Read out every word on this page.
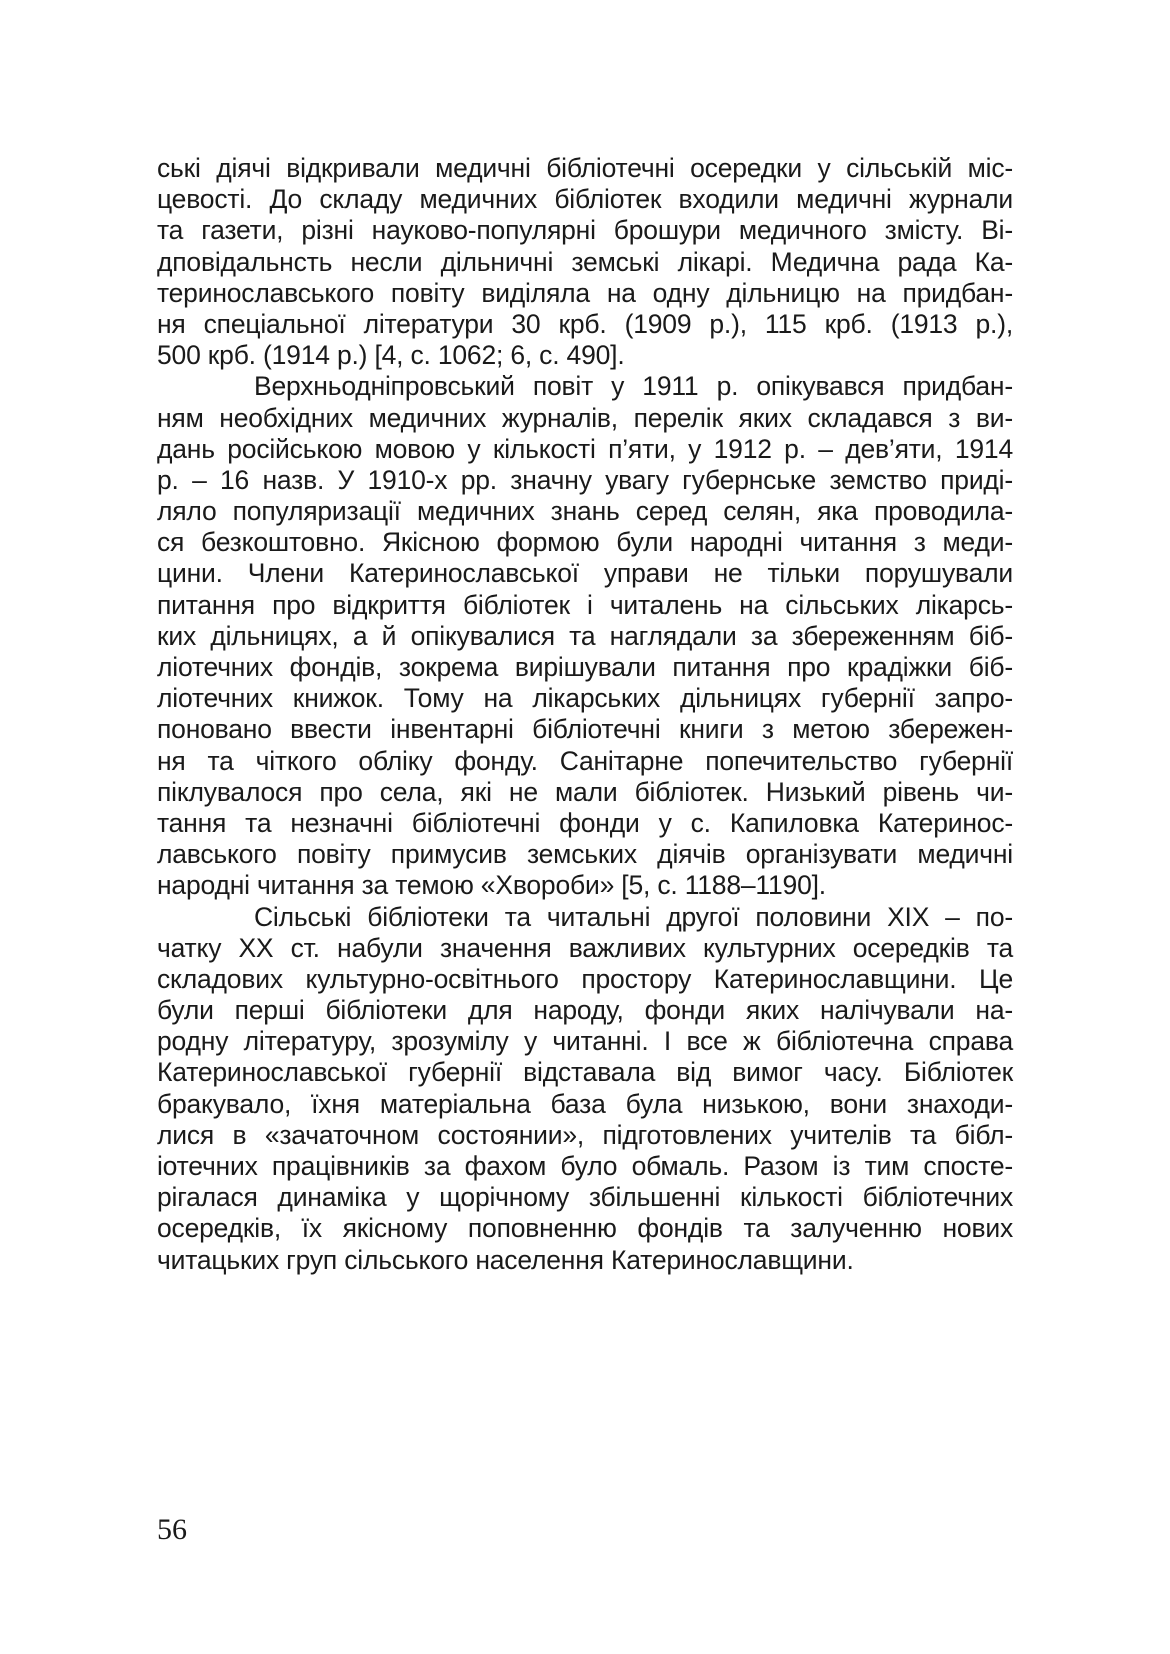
ські діячі відкривали медичні бібліотечні осередки у сільській міс-
цевості. До складу медичних бібліотек входили медичні журнали
та газети, різні науково-популярні брошури медичного змісту. Ві-
дповідальнсть несли дільничні земські лікарі. Медична рада Ка-
теринославського повіту виділяла на одну дільницю на придбан-
ня спеціальної літератури 30 крб. (1909 р.), 115 крб. (1913 р.),
500 крб. (1914 р.) [4, с. 1062; 6, с. 490].
Верхньодніпровський повіт у 1911 р. опікувався придбан-
ням необхідних медичних журналів, перелік яких складався з ви-
дань російською мовою у кількості п’яти, у 1912 р. – дев’яти, 1914
р. – 16 назв. У 1910-х рр. значну увагу губернське земство приді-
ляло популяризації медичних знань серед селян, яка проводила-
ся безкоштовно. Якісною формою були народні читання з меди-
цини. Члени Катеринославської управи не тільки порушували
питання про відкриття бібліотек і читалень на сільських лікарсь-
ких дільницях, а й опікувалися та наглядали за збереженням біб-
ліотечних фондів, зокрема вирішували питання про крадіжки біб-
ліотечних книжок. Тому на лікарських дільницях губернії запро-
поновано ввести інвентарні бібліотечні книги з метою збережен-
ня та чіткого обліку фонду. Санітарне попечительство губернії
піклувалося про села, які не мали бібліотек. Низький рівень чи-
тання та незначні бібліотечні фонди у с. Капиловка Катеринос-
лавського повіту примусив земських діячів організувати медичні
народні читання за темою «Хвороби» [5, с. 1188–1190].
Сільські бібліотеки та читальні другої половини XIX – по-
чатку XX ст. набули значення важливих культурних осередків та
складових культурно-освітнього простору Катеринославщини. Це
були перші бібліотеки для народу, фонди яких налічували на-
родну літературу, зрозумілу у читанні. І все ж бібліотечна справа
Катеринославської губернії відставала від вимог часу. Бібліотек
бракувало, їхня матеріальна база була низькою, вони знаходи-
лися в «зачаточном состоянии», підготовлених учителів та бібл-
іотечних працівників за фахом було обмаль. Разом із тим спосте-
рігалася динаміка у щорічному збільшенні кількості бібліотечних
осередків, їх якісному поповненню фондів та залученню нових
читацьких груп сільського населення Катеринославщини.
56
